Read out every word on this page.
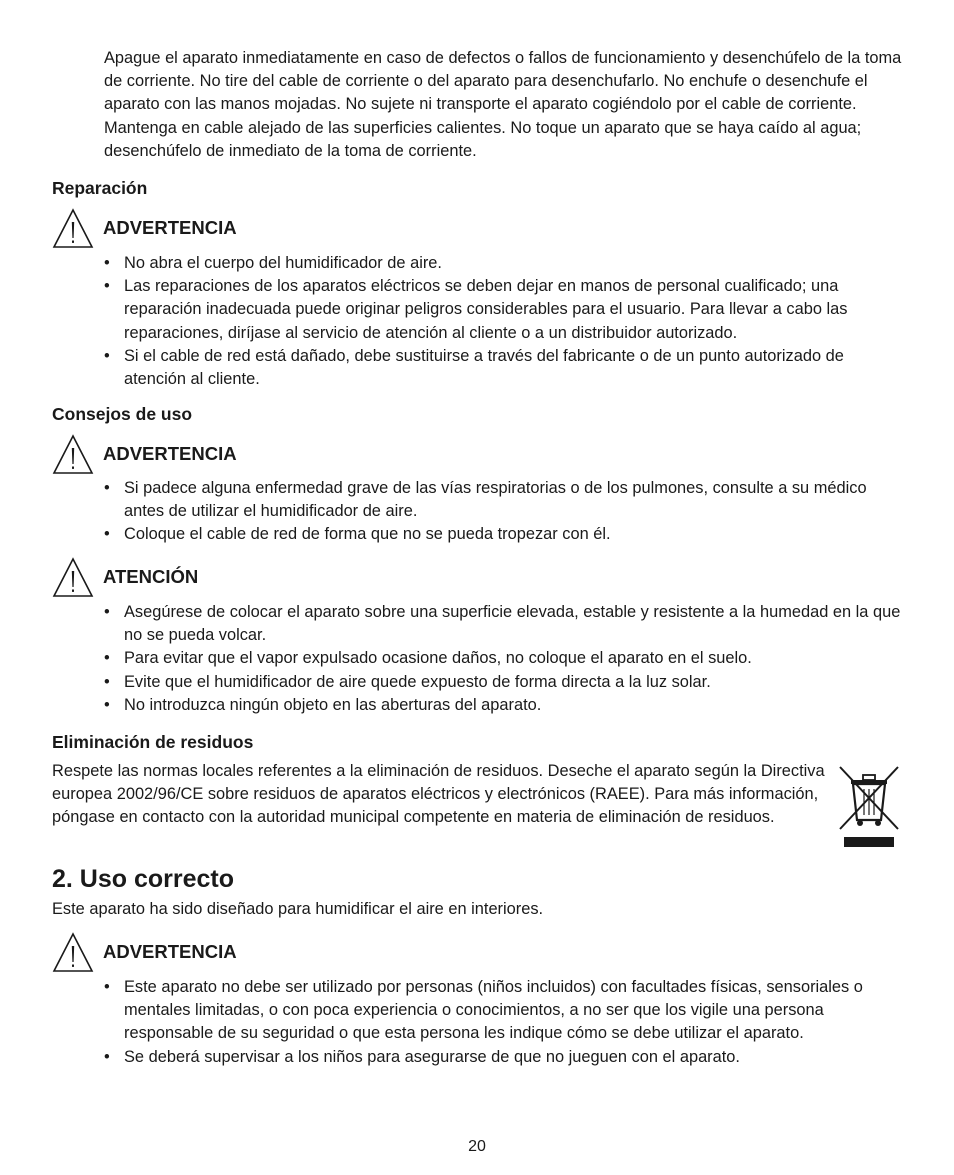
Apague el aparato inmediatamente en caso de defectos o fallos de funcionamiento y desenchúfelo de la toma de corriente. No tire del cable de corriente o del aparato para desenchufarlo. No enchufe o desenchufe el aparato con las manos mojadas. No sujete ni transporte el aparato cogiéndolo por el cable de corriente. Mantenga en cable alejado de las superficies calientes. No toque un aparato que se haya caído al agua; desenchúfelo de inmediato de la toma de corriente.
Reparación
ADVERTENCIA
• No abra el cuerpo del humidificador de aire.
• Las reparaciones de los aparatos eléctricos se deben dejar en manos de personal cualificado; una reparación inadecuada puede originar peligros considerables para el usuario. Para llevar a cabo las reparaciones, diríjase al servicio de atención al cliente o a un distribuidor autorizado.
• Si el cable de red está dañado, debe sustituirse a través del fabricante o de un punto autorizado de atención al cliente.
Consejos de uso
ADVERTENCIA
• Si padece alguna enfermedad grave de las vías respiratorias o de los pulmones, consulte a su médico antes de utilizar el humidificador de aire.
• Coloque el cable de red de forma que no se pueda tropezar con él.
ATENCIÓN
• Asegúrese de colocar el aparato sobre una superficie elevada, estable y resistente a la humedad en la que no se pueda volcar.
• Para evitar que el vapor expulsado ocasione daños, no coloque el aparato en el suelo.
• Evite que el humidificador de aire quede expuesto de forma directa a la luz solar.
• No introduzca ningún objeto en las aberturas del aparato.
Eliminación de residuos
Respete las normas locales referentes a la eliminación de residuos. Deseche el aparato según la Directiva europea 2002/96/CE sobre residuos de aparatos eléctricos y electrónicos (RAEE). Para más información, póngase en contacto con la autoridad municipal competente en materia de eliminación de residuos.
2. Uso correcto
Este aparato ha sido diseñado para humidificar el aire en interiores.
ADVERTENCIA
• Este aparato no debe ser utilizado por personas (niños incluidos) con facultades físicas, sensoriales o mentales limitadas, o con poca experiencia o conocimientos, a no ser que los vigile una persona responsable de su seguridad o que esta persona les indique cómo se debe utilizar el aparato.
• Se deberá supervisar a los niños para asegurarse de que no jueguen con el aparato.
20
